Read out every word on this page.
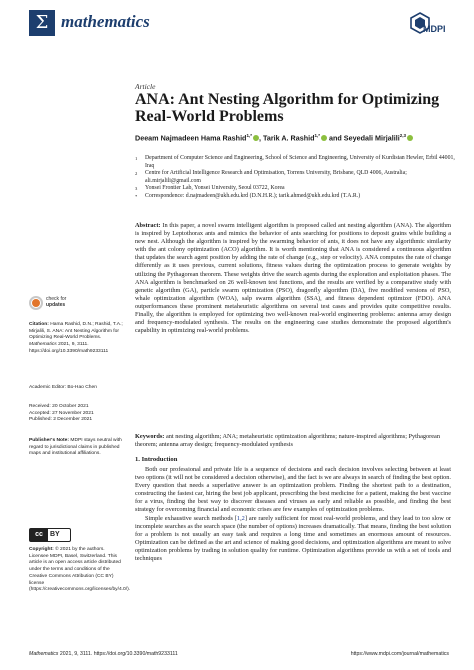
Σ mathematics	MDPI
Article
ANA: Ant Nesting Algorithm for Optimizing
Real-World Problems
Deeam Najmadeen Hama Rashid$^{1,*}$ , Tarik A. Rashid$^{1,*}$ and Seyedali Mirjalili$^{2,3}$
1 Department of Computer Science and Engineering, School of Science and Engineering, University of Kurdistan Hewler, Erbil 44001, Iraq
2 Centre for Artificial Intelligence Research and Optimisation, Torrens University, Brisbane, QLD 4006, Australia; ali.mirjalili@gmail.com
3 Yonsei Frontier Lab, Yonsei University, Seoul 03722, Korea
* Correspondence: d.najmadeen@ukh.edu.krd (D.N.H.R.); tarik.ahmed@ukh.edu.krd (T.A.R.)
Abstract: In this paper, a novel swarm intelligent algorithm is proposed called ant nesting algorithm (ANA). The algorithm is inspired by Leptothorax ants and mimics the behavior of ants searching for positions to deposit grains while building a new nest. Although the algorithm is inspired by the swarming behavior of ants, it does not have any algorithmic similarity with the ant colony optimization (ACO) algorithm. It is worth mentioning that ANA is considered a continuous algorithm that updates the search agent position by adding the rate of change (e.g., step or velocity). ANA computes the rate of change differently as it uses previous, current solutions, fitness values during the optimization process to generate weights by utilizing the Pythagorean theorem. These weights drive the search agents during the exploration and exploitation phases. The ANA algorithm is benchmarked on 26 well-known test functions, and the results are verified by a comparative study with genetic algorithm (GA), particle swarm optimization (PSO), dragonfly algorithm (DA), five modified versions of PSO, whale optimization algorithm (WOA), salp swarm algorithm (SSA), and fitness dependent optimizer (FDO). ANA outperformances these prominent metaheuristic algorithms on several test cases and provides quite competitive results. Finally, the algorithm is employed for optimizing two well-known real-world engineering problems: antenna array design and frequency-modulated synthesis. The results on the engineering case studies demonstrate the proposed algorithm's capability in optimizing real-world problems.
Keywords: ant nesting algorithm; ANA; metaheuristic optimization algorithms; nature-inspired algorithms; Pythagorean theorem; antenna array design; frequency-modulated synthesis
check for
updates
Citation: Hama Rashid, D.N.; Rashid, T.A.; Mirjalili, S. ANA: Ant Nesting Algorithm for Optimizing Real-World Problems. Mathematics 2021, 9, 3111. https://doi.org/10.3390/math9233111
Academic Editor: Bo-Hao Chen
Received: 20 October 2021
Accepted: 27 November 2021
Published: 2 December 2021
Publisher's Note: MDPI stays neutral with regard to jurisdictional claims in published maps and institutional affiliations.
cc	BY
Copyright: © 2021 by the authors. Licensee MDPI, Basel, Switzerland. This article is an open access article distributed under the terms and conditions of the Creative Commons Attribution (CC BY) license (https://creativecommons.org/licenses/by/4.0/).
1. Introduction

Both our professional and private life is a sequence of decisions and each decision involves selecting between at least two options (it will not be considered a decision otherwise), and the fact is we are always in search of finding the best option. Every question that needs a superlative answer is an optimization problem. Finding the shortest path to a destination, constructing the fastest car, hiring the best job applicant, prescribing the best medicine for a patient, making the best vaccine for a virus, finding the best way to discover diseases and viruses as early and reliable as possible, and finding the best strategy for overcoming financial and economic crises are few examples of optimization problems.

Simple exhaustive search methods [1,2] are rarely sufficient for most real-world problems, and they lead to too slow or incomplete searches as the search space (the number of options) increases dramatically. That means, finding the best solution for a problem is not usually an easy task and requires a long time and sometimes an enormous amount of resources. Optimization can be defined as the art and science of making good decisions, and optimization algorithms are meant to solve optimization problems by trading in solution quality for runtime. Optimization algorithms provide us with a set of tools and techniques

Mathematics 2021, 9, 3111. https://doi.org/10.3390/math9233111	https://www.mdpi.com/journal/mathematics
